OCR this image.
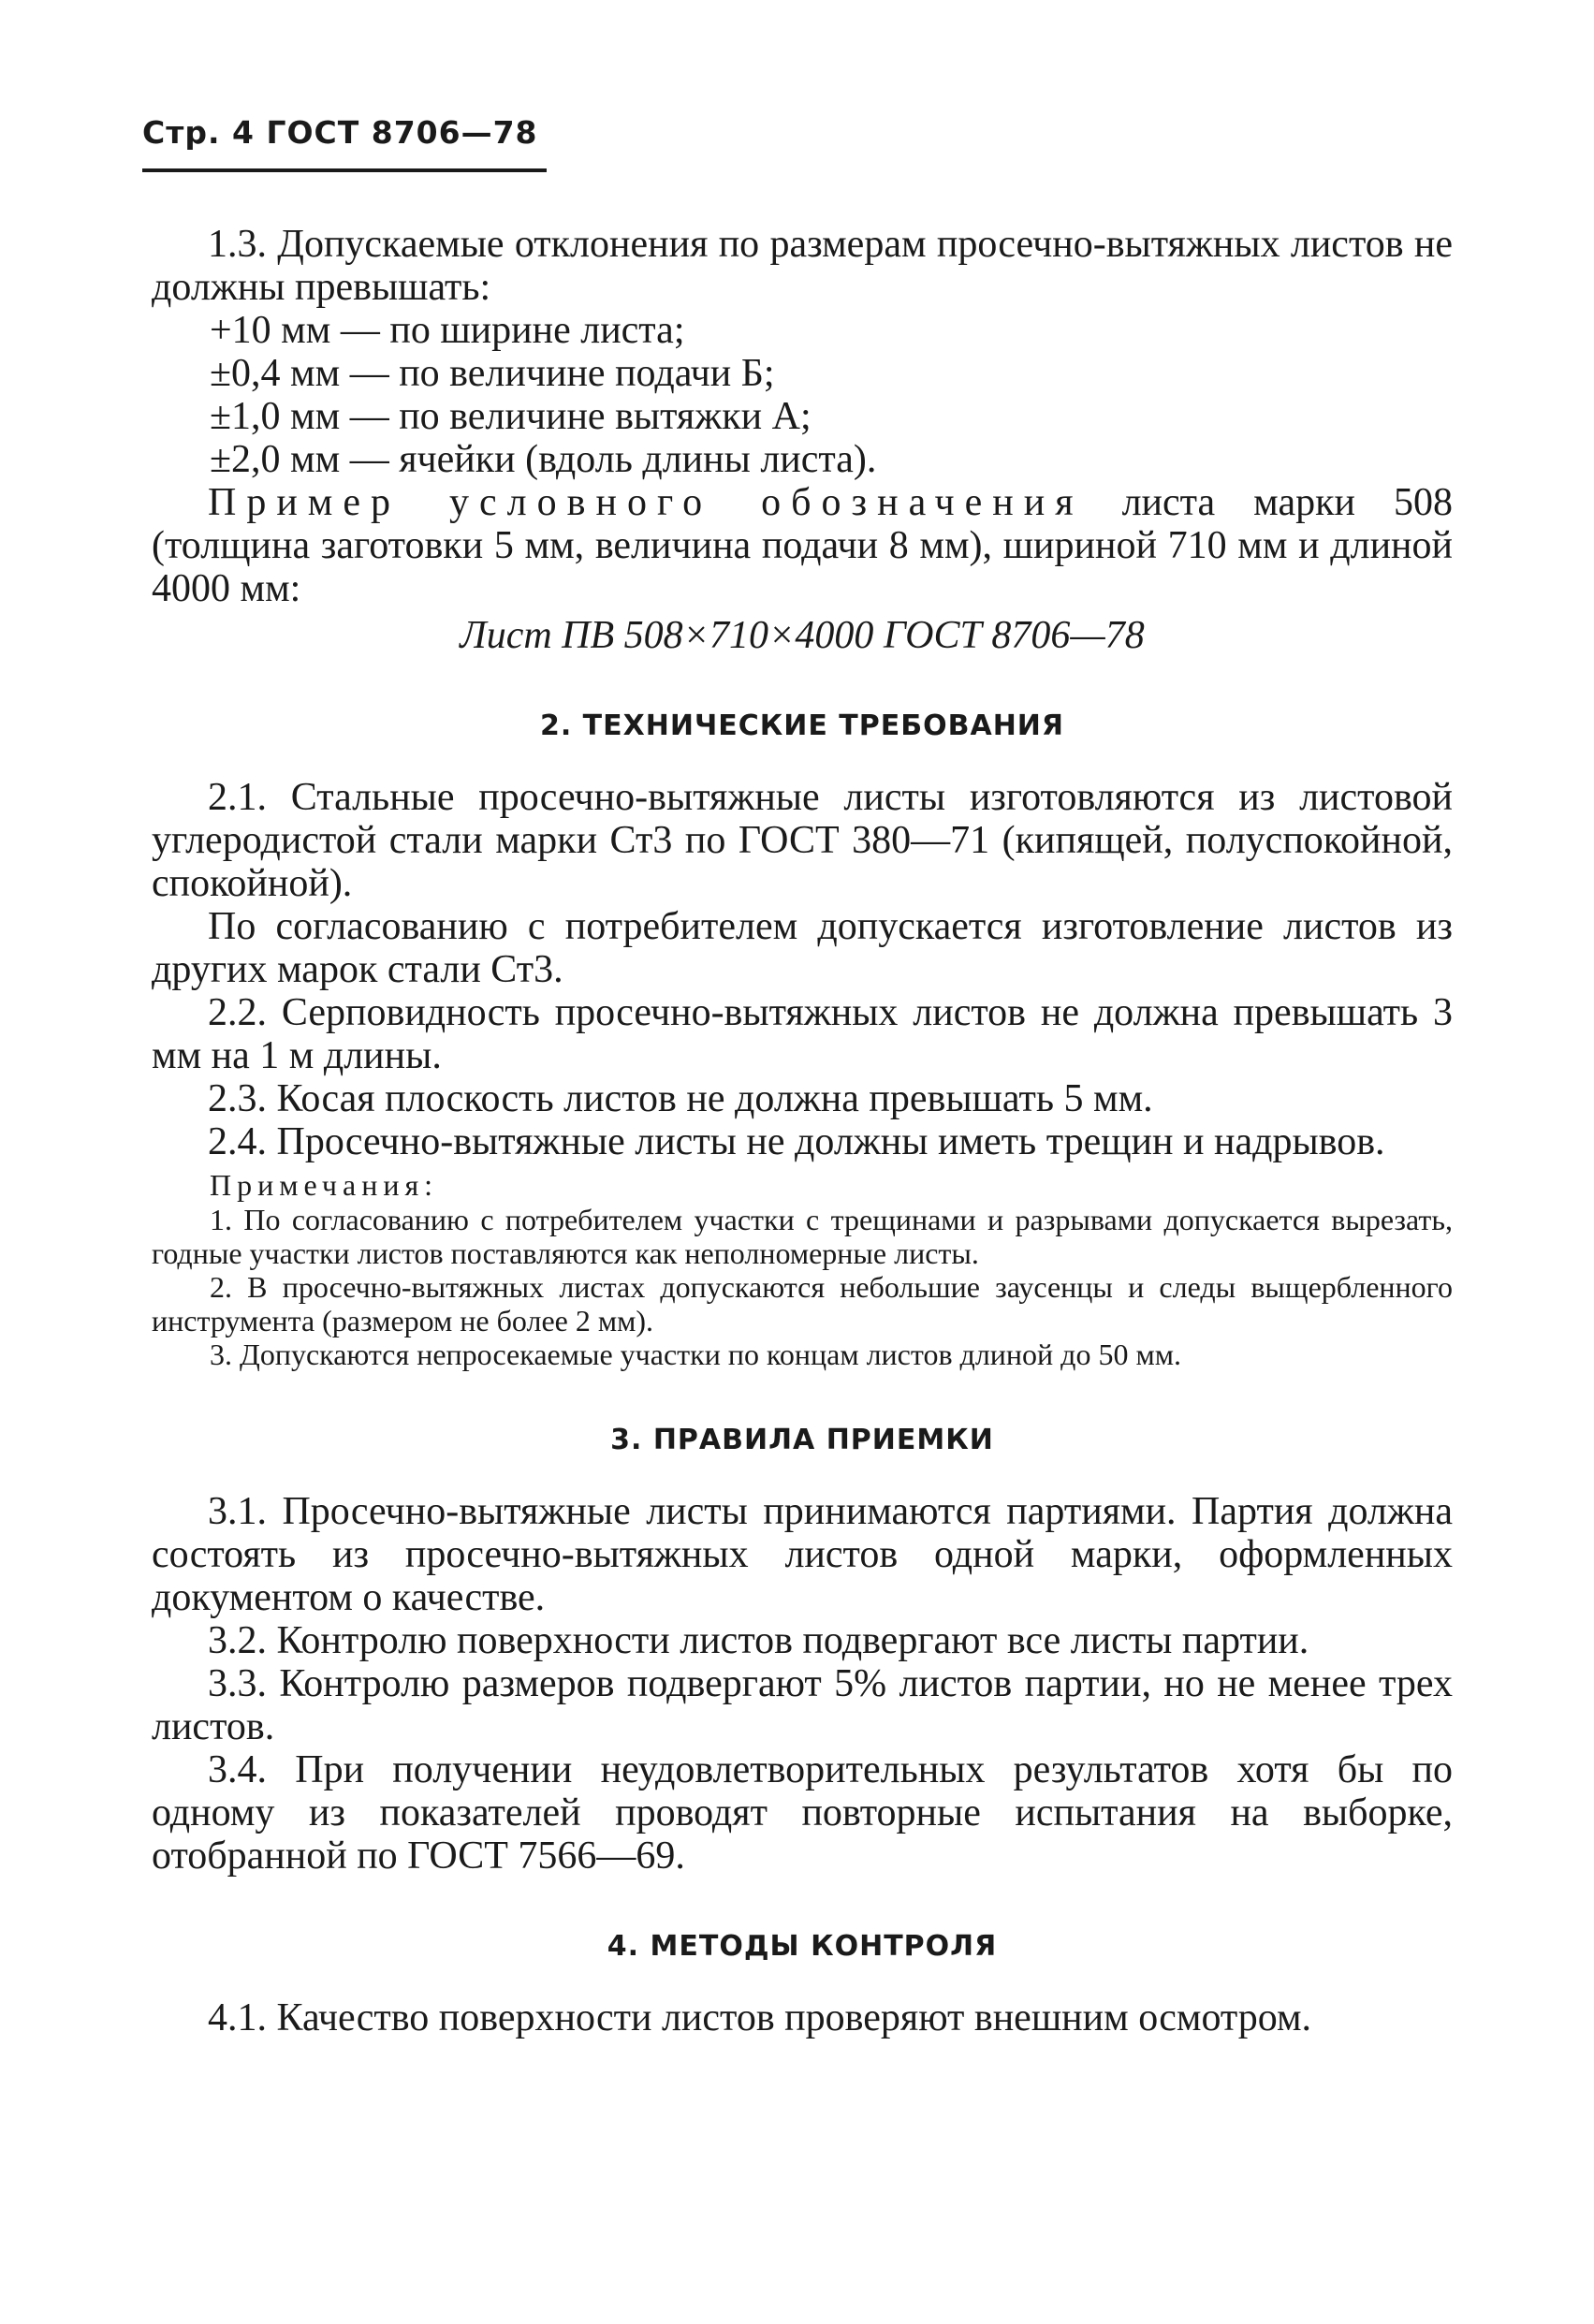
Стр. 4 ГОСТ 8706—78

1.3. Допускаемые отклонения по размерам просечно-вытяжных листов не должны превышать:

+10 мм — по ширине листа;

±0,4 мм — по величине подачи Б;

±1,0 мм — по величине вытяжки А;

±2,0 мм — ячейки (вдоль длины листа).

Пример условного обозначения листа марки 508 (толщина заготовки 5 мм, величина подачи 8 мм), шириной 710 мм и длиной 4000 мм:

Лист ПВ 508×710×4000 ГОСТ 8706—78

2. ТЕХНИЧЕСКИЕ ТРЕБОВАНИЯ

2.1. Стальные просечно-вытяжные листы изготовляются из листовой углеродистой стали марки Ст3 по ГОСТ 380—71 (кипящей, полуспокойной, спокойной).

По согласованию с потребителем допускается изготовление листов из других марок стали Ст3.

2.2. Серповидность просечно-вытяжных листов не должна превышать 3 мм на 1 м длины.

2.3. Косая плоскость листов не должна превышать 5 мм.

2.4. Просечно-вытяжные листы не должны иметь трещин и надрывов.

Примечания:

1. По согласованию с потребителем участки с трещинами и разрывами допускается вырезать, годные участки листов поставляются как неполномерные листы.

2. В просечно-вытяжных листах допускаются небольшие заусенцы и следы выщербленного инструмента (размером не более 2 мм).

3. Допускаются непросекаемые участки по концам листов длиной до 50 мм.

3. ПРАВИЛА ПРИЕМКИ

3.1. Просечно-вытяжные листы принимаются партиями. Партия должна состоять из просечно-вытяжных листов одной марки, оформленных документом о качестве.

3.2. Контролю поверхности листов подвергают все листы партии.

3.3. Контролю размеров подвергают 5% листов партии, но не менее трех листов.

3.4. При получении неудовлетворительных результатов хотя бы по одному из показателей проводят повторные испытания на выборке, отобранной по ГОСТ 7566—69.

4. МЕТОДЫ КОНТРОЛЯ

4.1. Качество поверхности листов проверяют внешним осмотром.
